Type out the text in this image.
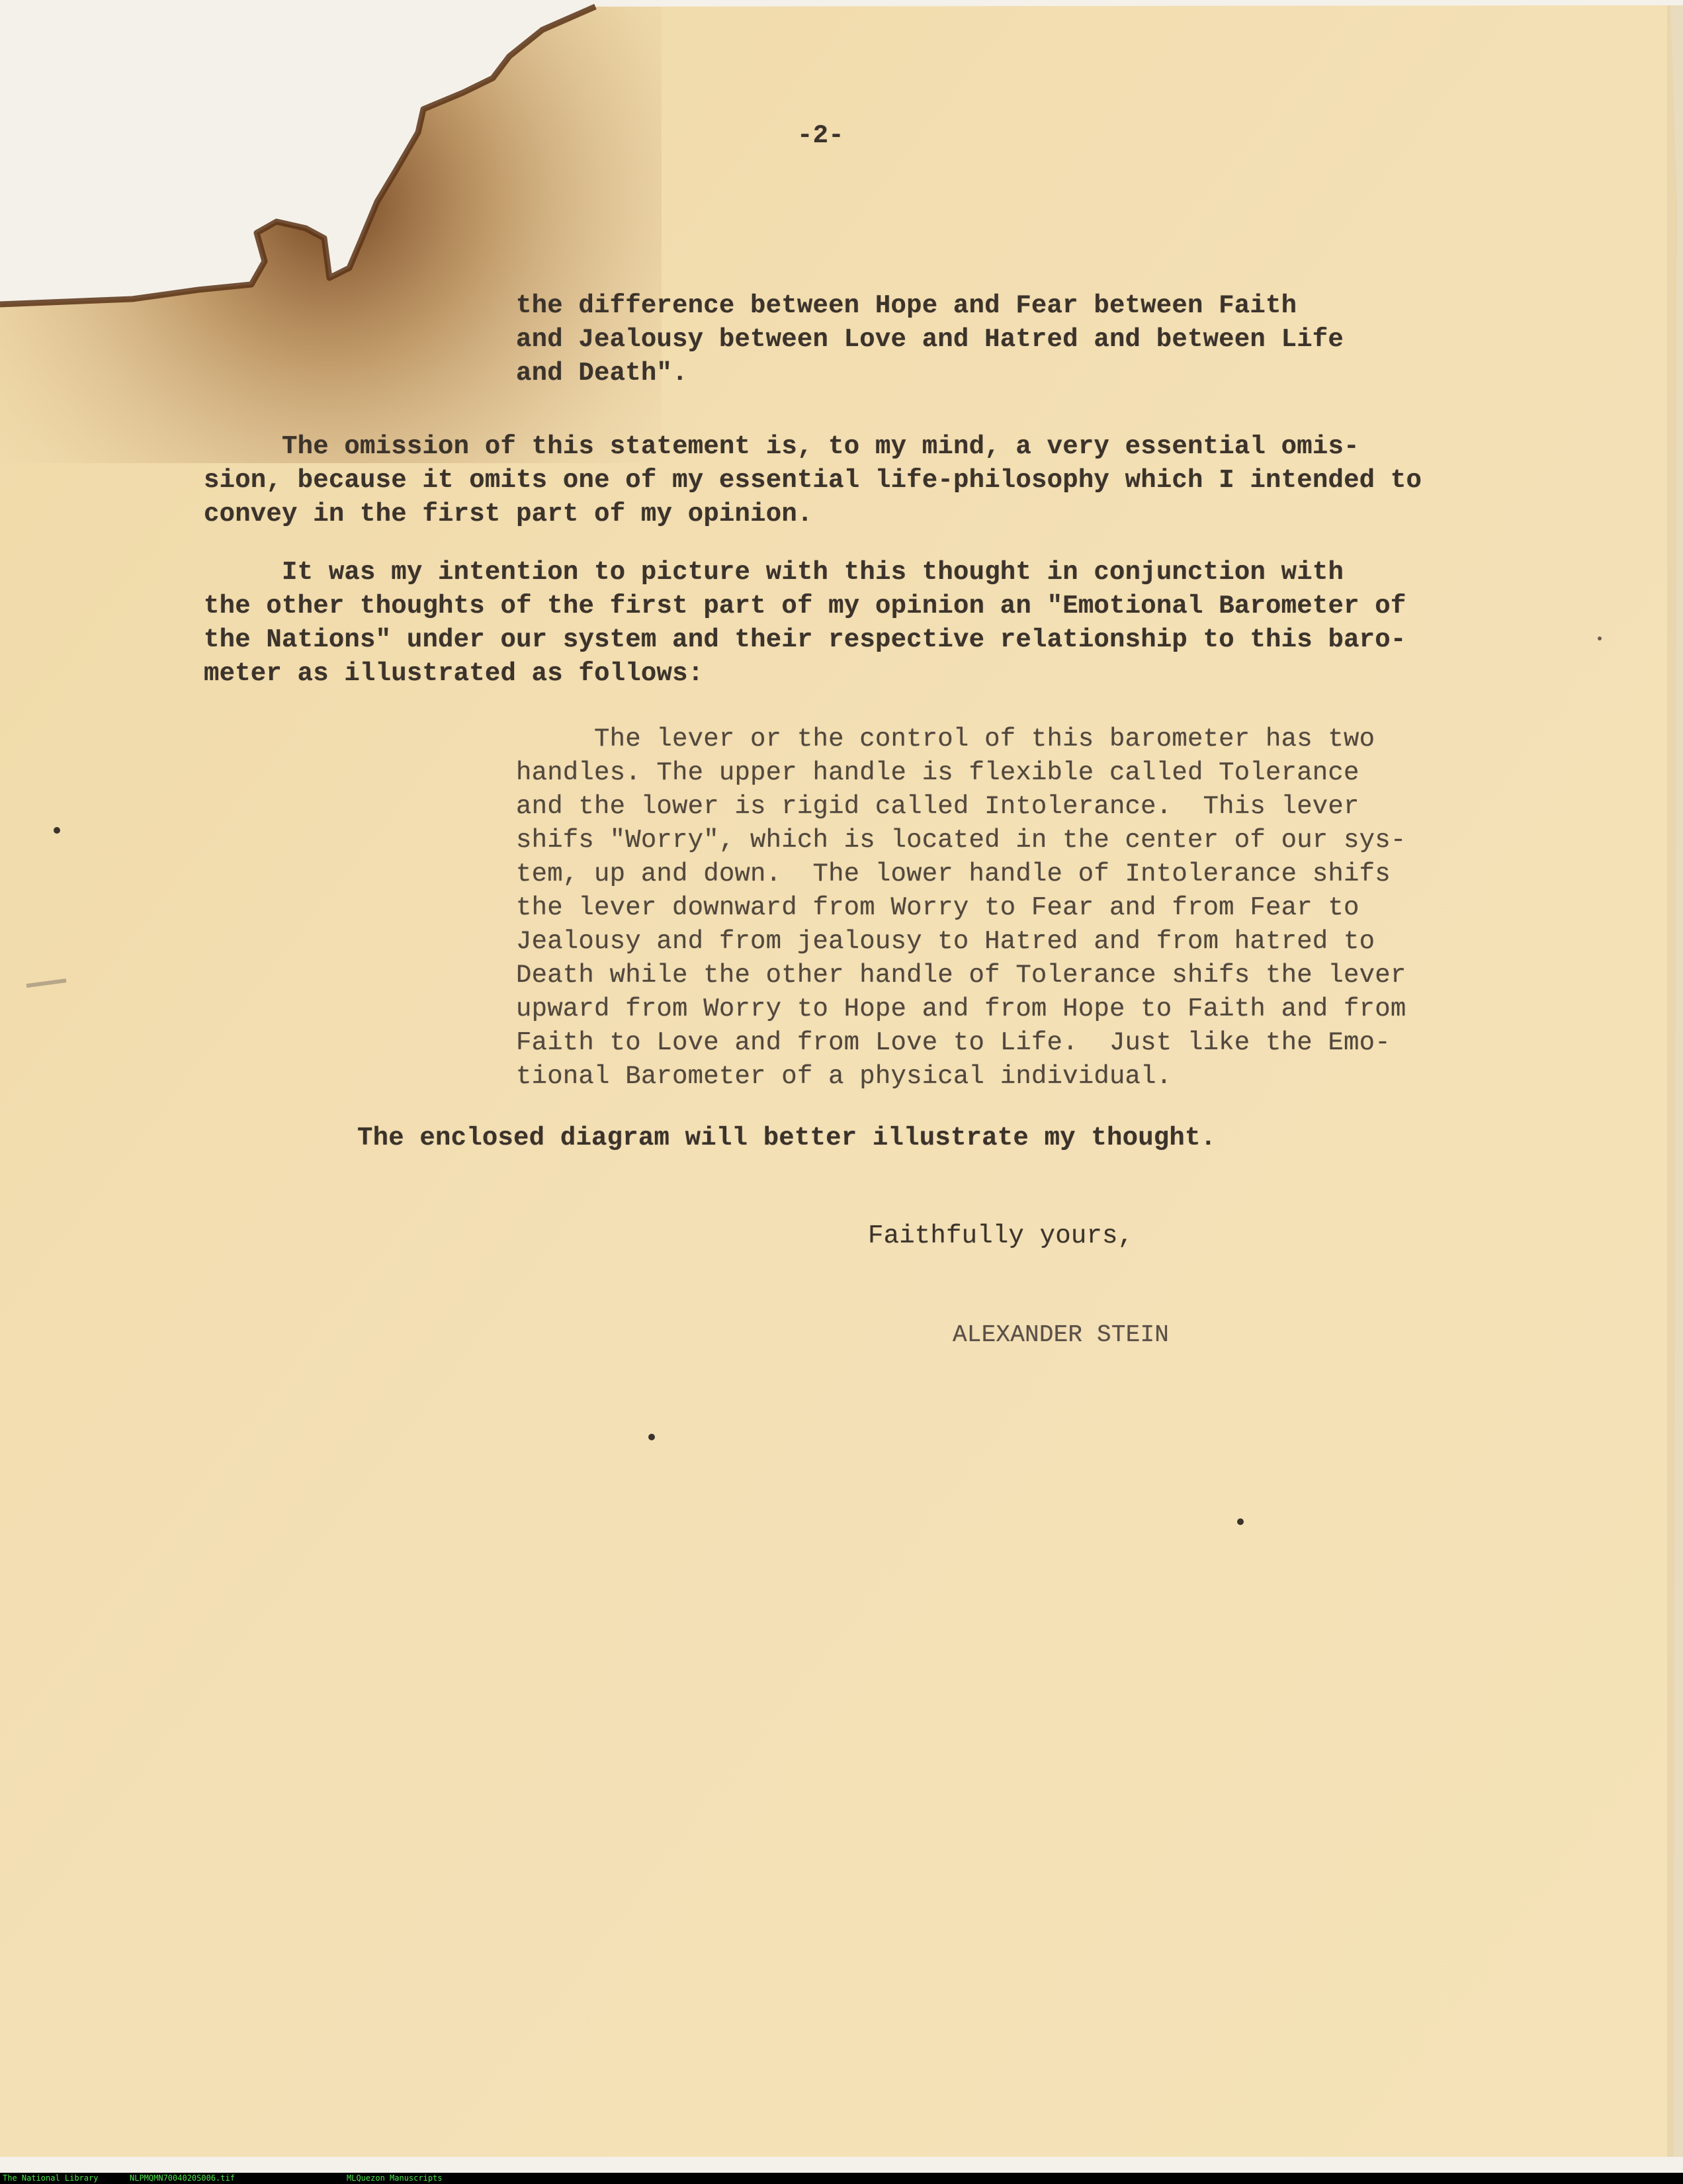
-2-
the difference between Hope and Fear between Faith
and Jealousy between Love and Hatred and between Life
and Death".
The omission of this statement is, to my mind, a very essential omis-
sion, because it omits one of my essential life-philosophy which I intended to
convey in the first part of my opinion.
It was my intention to picture with this thought in conjunction with
the other thoughts of the first part of my opinion an "Emotional Barometer of
the Nations" under our system and their respective relationship to this baro-
meter as illustrated as follows:
The lever or the control of this barometer has two
handles. The upper handle is flexible called Tolerance
and the lower is rigid called Intolerance.  This lever
shifs "Worry", which is located in the center of our sys-
tem, up and down.  The lower handle of Intolerance shifs
the lever downward from Worry to Fear and from Fear to
Jealousy and from jealousy to Hatred and from hatred to
Death while the other handle of Tolerance shifs the lever
upward from Worry to Hope and from Hope to Faith and from
Faith to Love and from Love to Life.  Just like the Emo-
tional Barometer of a physical individual.
The enclosed diagram will better illustrate my thought.
Faithfully yours,
ALEXANDER STEIN
The National Library	NLPMQMN7004020S006.tif	MLQuezon Manuscripts
